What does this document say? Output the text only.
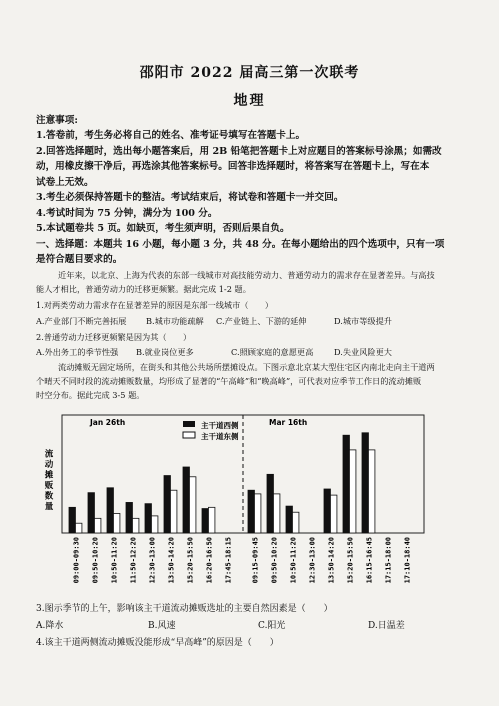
邵阳市 2022 届高三第一次联考
地理
注意事项:
1.答卷前，考生务必将自己的姓名、准考证号填写在答题卡上。
2.回答选择题时，选出每小题答案后，用 2B 铅笔把答题卡上对应题目的答案标号涂黑；如需改
动，用橡皮擦干净后，再选涂其他答案标号。回答非选择题时，将答案写在答题卡上，写在本
试卷上无效。
3.考生必须保持答题卡的整洁。考试结束后，将试卷和答题卡一并交回。
4.考试时间为 75 分钟，满分为 100 分。
5.本试题卷共 5 页。如缺页，考生须声明，否则后果自负。
一、选择题：本题共 16 小题，每小题 3 分，共 48 分。在每小题给出的四个选项中，只有一项
是符合题目要求的。
近年来，以北京、上海为代表的东部一线城市对高技能劳动力、普通劳动力的需求存在显著差异。与高技
能人才相比，普通劳动力的迁移更频繁。据此完成 1-2 题。
1.对两类劳动力需求存在显著差异的原因是东部一线城市（　　）
A.产业部门不断完善拓展	B.城市功能疏解	C.产业链上、下游的延伸	D.城市等级提升
2.普通劳动力迁移更频繁是因为其（　　）
A.外出务工的季节性强	B.就业岗位更多	C.照顾家庭的意愿更高	D.失业风险更大
流动摊贩无固定场所，在街头和其他公共场所摆摊设点。下图示意北京某大型住宅区内南北走向主干道两
个晴天不同时段的流动摊贩数量，均形成了显著的“午高峰”和“晚高峰”，可代表对应季节工作日的流动摊贩
时空分布。据此完成 3-5 题。
流动摊贩数量
主干道西侧
主干道东侧
Jan 26th
09:00-09:30 09:50-10:20 10:50-11:20 11:50-12:20 12:30-13:00 13:50-14:20 15:20-15:50 16:20-16:50 17:45-18:15
Mar 16th
09:15-09:45 09:50-10:20 10:50-11:20 12:30-13:00 13:50-14:20 15:20-15:50 16:15-16:45 17:15-18:00 17:10-18:40
3.图示季节的上午，影响该主干道流动摊贩选址的主要自然因素是（　　）
A.降水	B.风速	C.阳光	D.日温差
4.该主干道两侧流动摊贩没能形成“早高峰”的原因是（　　）
